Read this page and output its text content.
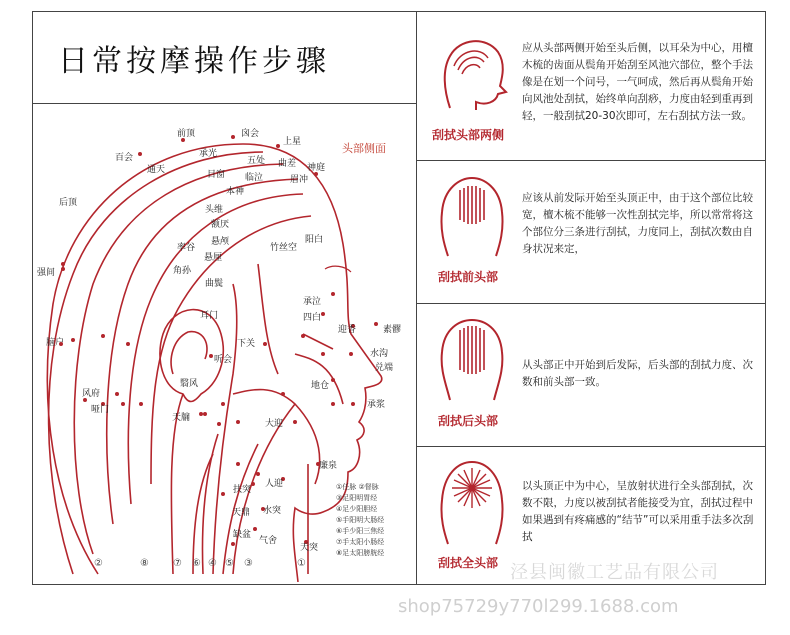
日常按摩操作步骤
头部侧面
前顶	囟会
上星
百会	承光
五处 曲差 神庭
通天	目窗 临泣	眉冲
后顶
本神
头维
额厌
悬颅
悬厘
阳白
率谷
曲鬓
竹丝空
强间	角孙
脑户
耳门
承泣
四白
迎香	素髎
下关
听会
水沟
兑端
风府
翳风	地仓
哑门
天牖
大迎
承浆
廉泉
人迎
扶突
水突
天鼎
缺盆
气舍
天突
①任脉 ②督脉
③足阳明胃经
④足少阳胆经
⑤手阳明大肠经
⑥手少阳三焦经
⑦手太阳小肠经
⑧足太阳膀胱经
②	⑧ ⑦ ⑥ ④ ⑤ ③	①
刮拭头部两侧
应从头部两侧开始至头后侧，以耳朵为中心，用檀木梳的齿面从鬓角开始刮至风池穴部位，整个手法像是在划一个问号，一气呵成，然后再从鬓角开始向风池处刮拭，始终单向刮痧，力度由轻到重再到轻，一般刮拭20-30次即可，左右刮拭方法一致。
刮拭前头部
应该从前发际开始至头顶正中，由于这个部位比较宽，檀木梳不能够一次性刮拭完毕，所以常常将这个部位分三条进行刮拭，力度同上，刮拭次数由自身状况来定，
刮拭后头部
从头部正中开始到后发际，后头部的刮拭力度、次数和前头部一致。
刮拭全头部
以头顶正中为中心，呈放射状进行全头部刮拭，次数不限，力度以被刮拭者能接受为宜，刮拭过程中如果遇到有疼痛感的“结节”可以采用重手法多次刮拭
泾县闽徽工艺品有限公司
shop75729y770l299.1688.com
